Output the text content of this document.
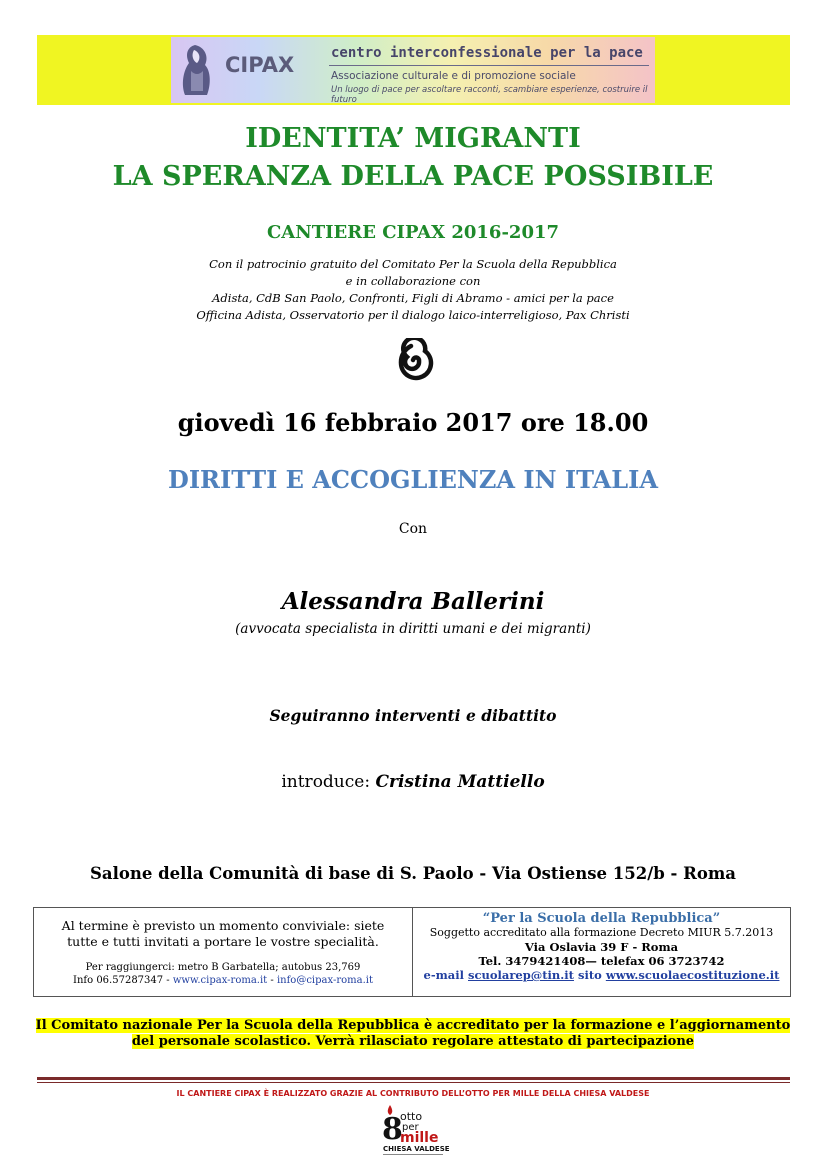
CIPAX	centro interconfessionale per la pace
Associazione culturale e di promozione sociale
Un luogo di pace per ascoltare racconti, scambiare esperienze, costruire il futuro
IDENTITA’ MIGRANTI
LA SPERANZA DELLA PACE POSSIBILE
CANTIERE CIPAX 2016-2017
Con il patrocinio gratuito del Comitato Per la Scuola della Repubblica
e in collaborazione con
Adista, CdB San Paolo, Confronti, Figli di Abramo - amici per la pace
Officina Adista, Osservatorio per il dialogo laico-interreligioso, Pax Christi
giovedì 16 febbraio 2017 ore 18.00
DIRITTI E ACCOGLIENZA IN ITALIA
Con
Alessandra Ballerini
(avvocata specialista in diritti umani e dei migranti)
Seguiranno interventi e dibattito
introduce: Cristina Mattiello
Salone della Comunità di base di S. Paolo - Via Ostiense 152/b - Roma
Al termine è previsto un momento conviviale: siete
tutte e tutti invitati a portare le vostre specialità.
Per raggiungerci: metro B Garbatella; autobus 23,769
Info 06.57287347 - www.cipax-roma.it - info@cipax-roma.it
“Per la Scuola della Repubblica”
Soggetto accreditato alla formazione Decreto MIUR 5.7.2013
Via Oslavia 39 F - Roma
Tel. 3479421408— telefax 06 3723742
e-mail scuolarep@tin.it sito www.scuolaecostituzione.it
Il Comitato nazionale Per la Scuola della Repubblica è accreditato per la formazione e l’aggiornamento
del personale scolastico. Verrà rilasciato regolare attestato di partecipazione
IL CANTIERE CIPAX È REALIZZATO GRAZIE AL CONTRIBUTO DELL’OTTO PER MILLE DELLA CHIESA VALDESE
8
otto
per
mille
CHIESA VALDESE
